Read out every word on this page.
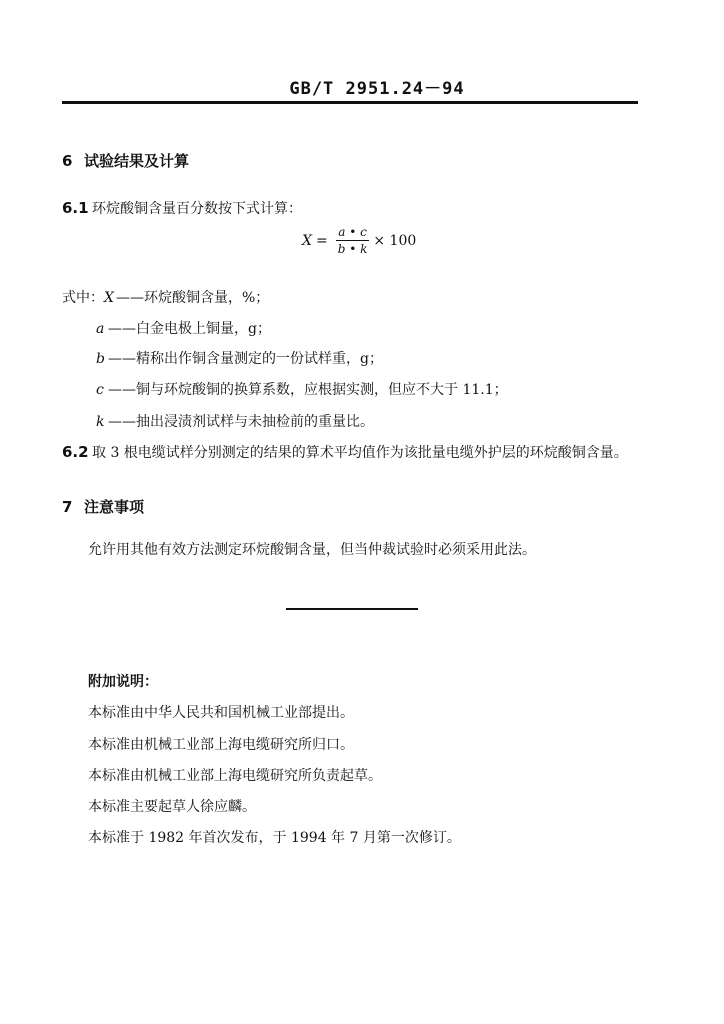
GB/T 2951.24－94
6 试验结果及计算
6.1 环烷酸铜含量百分数按下式计算：
$X = \frac{a • c}{b • k} \times 100$
式中：X ——环烷酸铜含量，%；
a ——白金电极上铜量，g；
b ——精称出作铜含量测定的一份试样重，g；
c ——铜与环烷酸铜的换算系数，应根据实测，但应不大于 11.1；
k ——抽出浸渍剂试样与未抽检前的重量比。
6.2 取 3 根电缆试样分别测定的结果的算术平均值作为该批量电缆外护层的环烷酸铜含量。
7 注意事项
允许用其他有效方法测定环烷酸铜含量，但当仲裁试验时必须采用此法。
附加说明：
本标准由中华人民共和国机械工业部提出。
本标准由机械工业部上海电缆研究所归口。
本标准由机械工业部上海电缆研究所负责起草。
本标准主要起草人徐应麟。
本标准于 1982 年首次发布，于 1994 年 7 月第一次修订。
